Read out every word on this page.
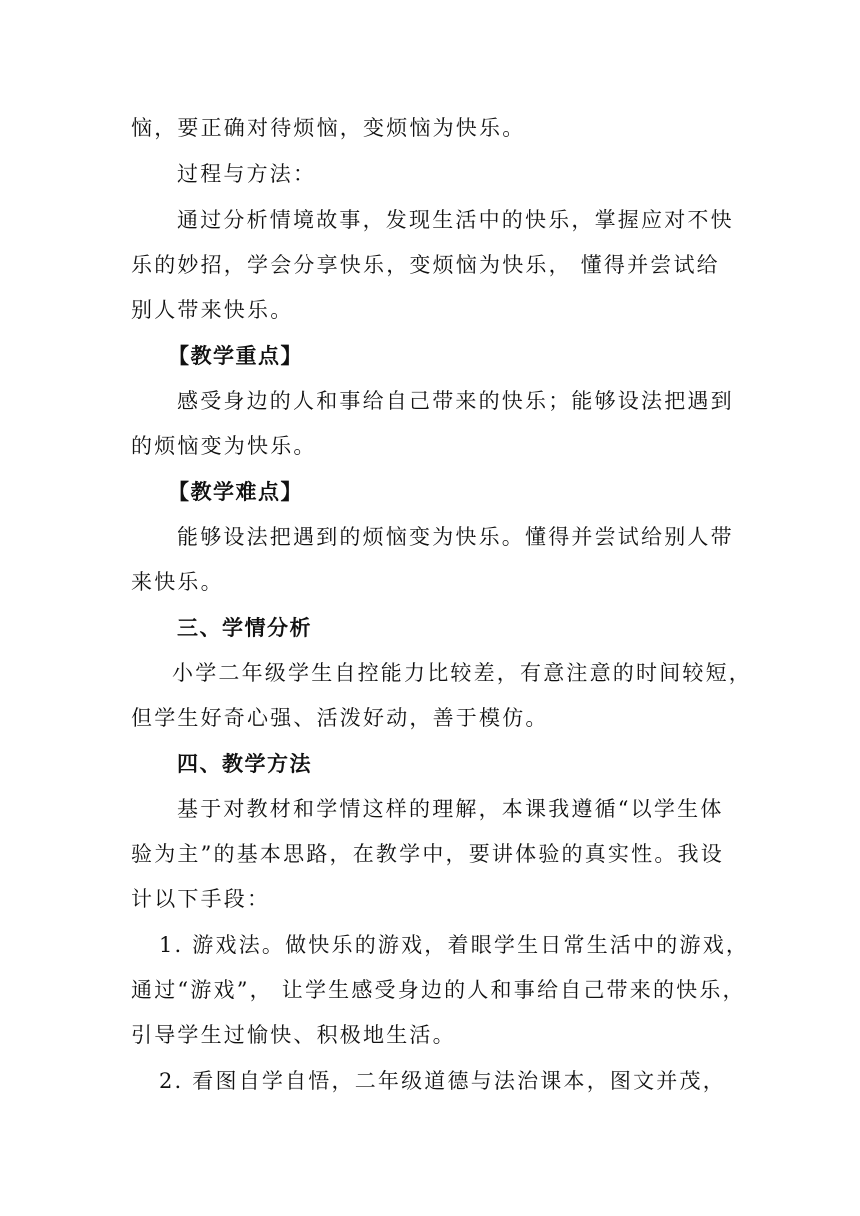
恼，要正确对待烦恼，变烦恼为快乐。
过程与方法：
通过分析情境故事，发现生活中的快乐，掌握应对不快
乐的妙招，学会分享快乐，变烦恼为快乐， 懂得并尝试给
别人带来快乐。
【教学重点】
感受身边的人和事给自己带来的快乐；能够设法把遇到
的烦恼变为快乐。
【教学难点】
能够设法把遇到的烦恼变为快乐。懂得并尝试给别人带
来快乐。
三、学情分析
小学二年级学生自控能力比较差，有意注意的时间较短，
但学生好奇心强、活泼好动，善于模仿。
四、教学方法
基于对教材和学情这样的理解，本课我遵循“以学生体
验为主”的基本思路，在教学中，要讲体验的真实性。我设
计以下手段：
1. 游戏法。做快乐的游戏，着眼学生日常生活中的游戏，
通过“游戏”， 让学生感受身边的人和事给自己带来的快乐，
引导学生过愉快、积极地生活。
2. 看图自学自悟，二年级道德与法治课本，图文并茂，
